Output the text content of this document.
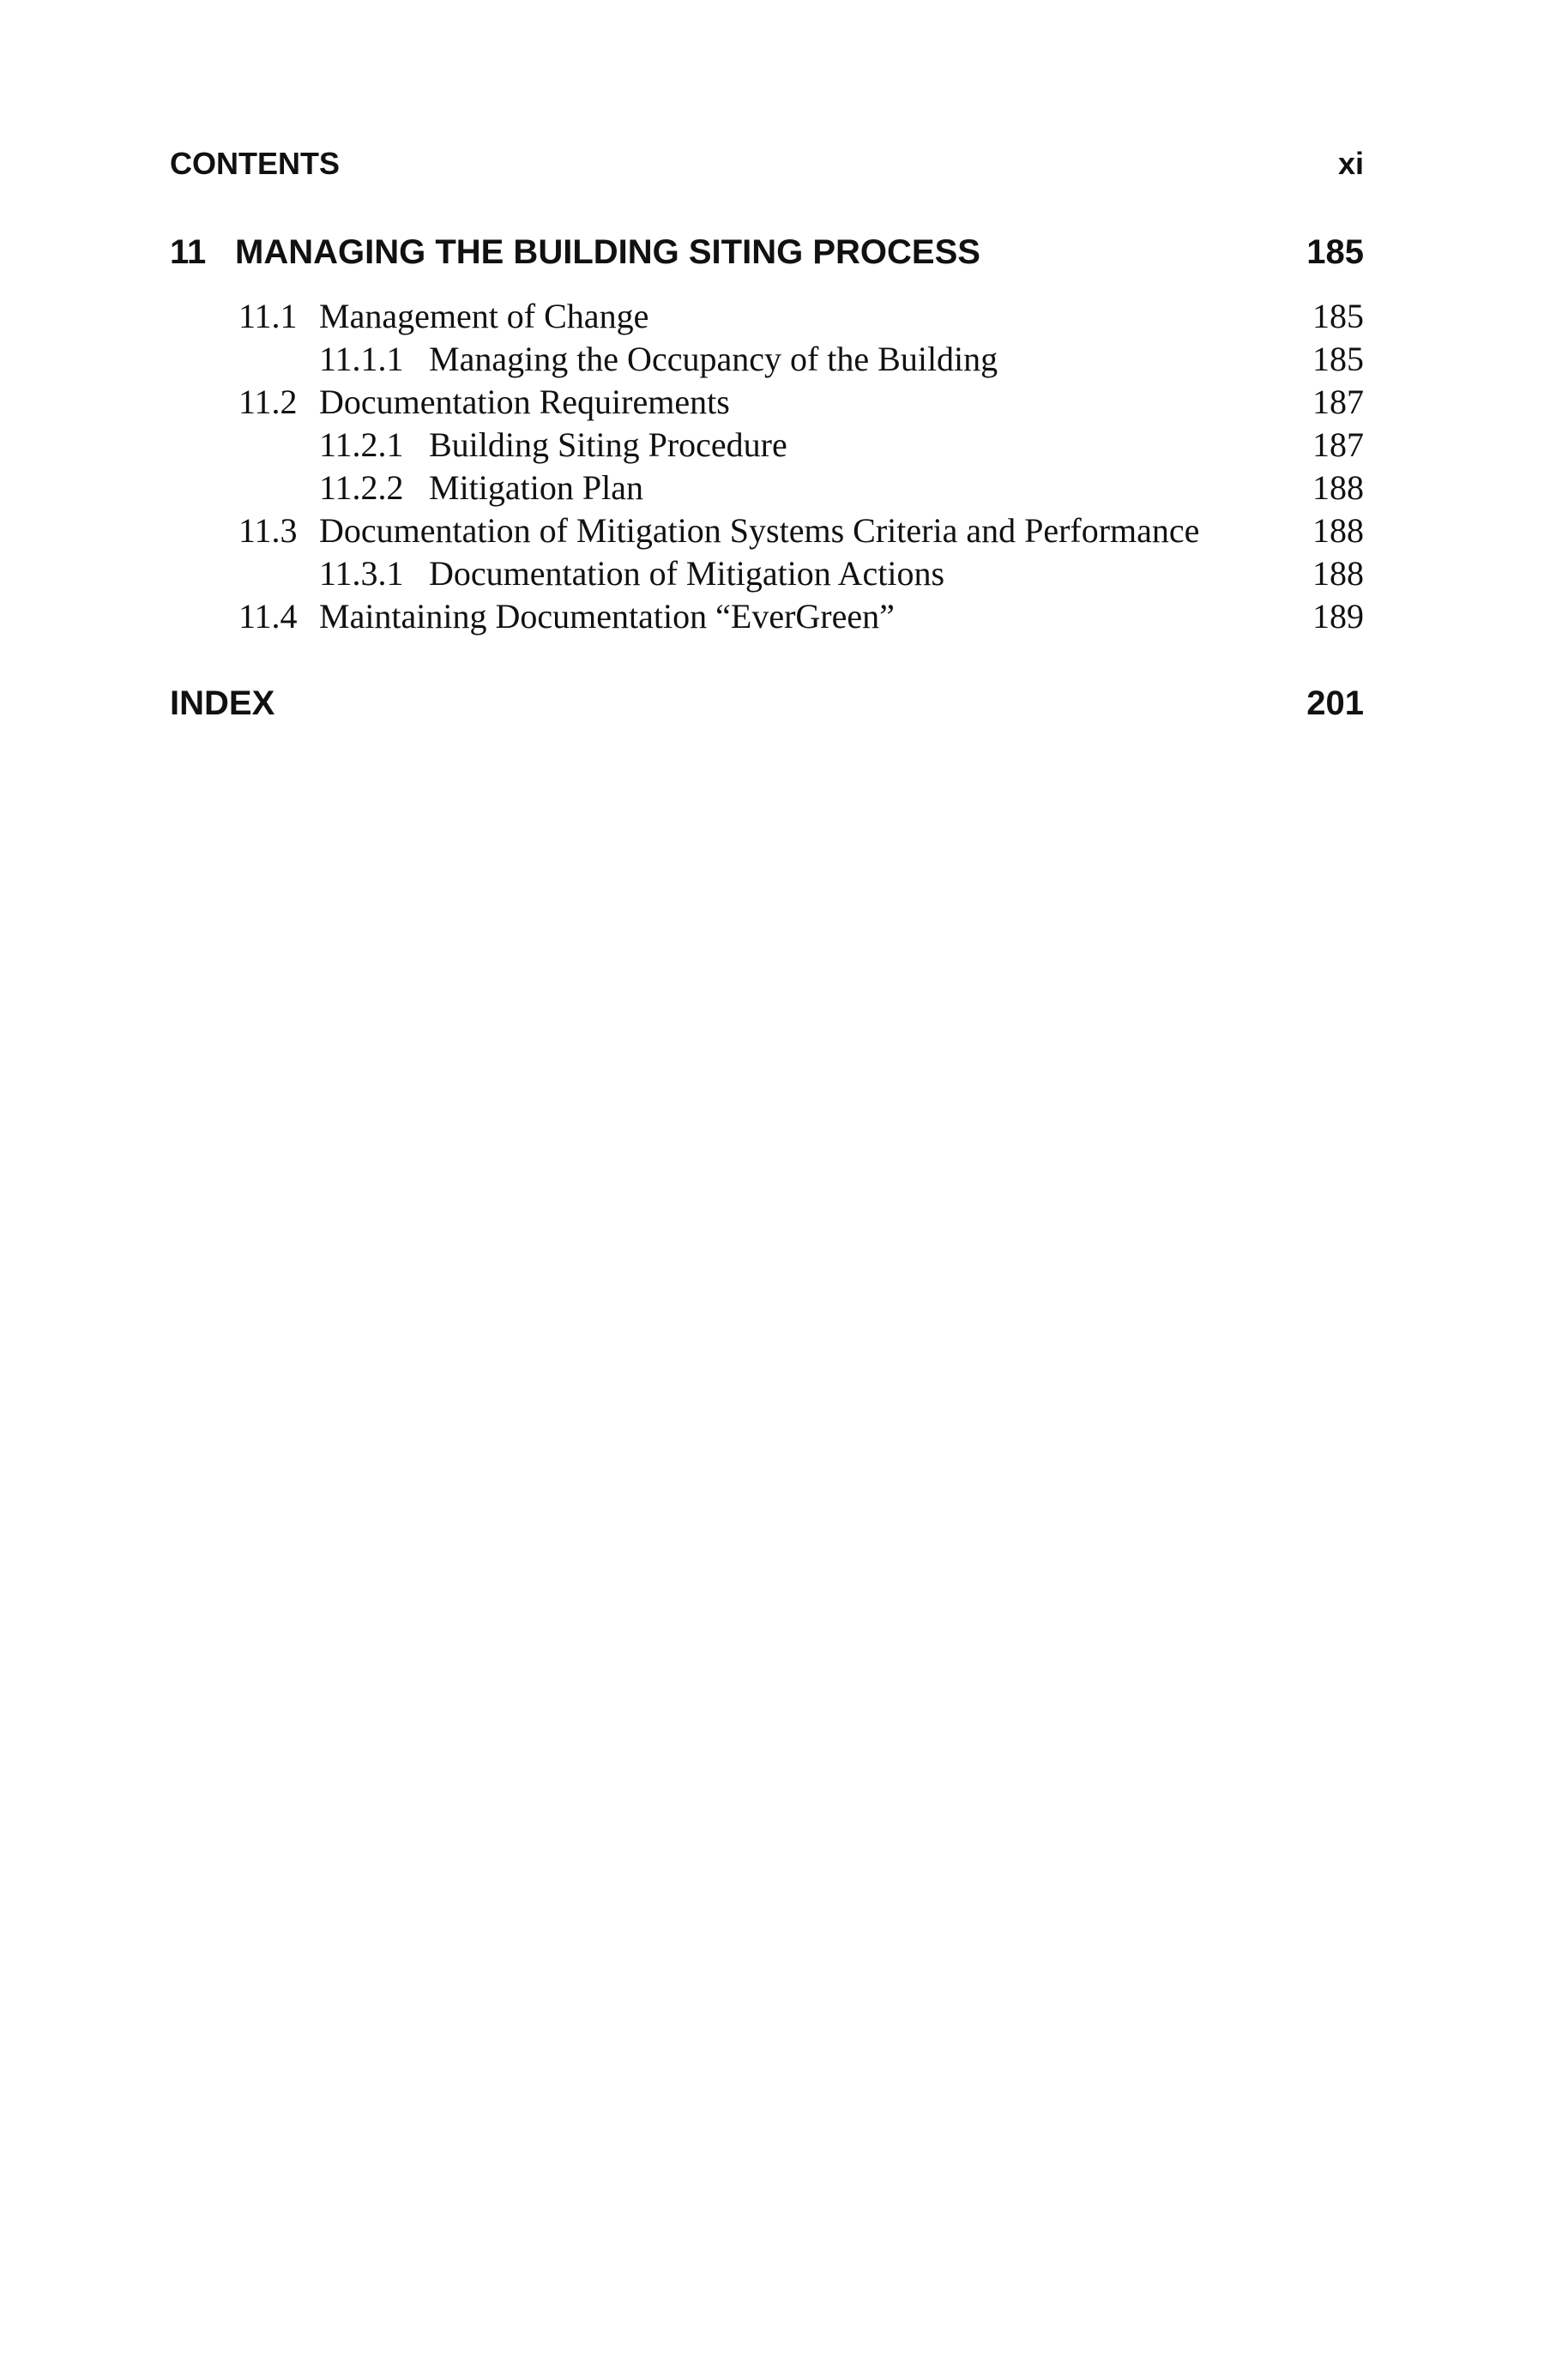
CONTENTS	xi
11 MANAGING THE BUILDING SITING PROCESS	185
11.1 Management of Change	185
11.1.1 Managing the Occupancy of the Building	185
11.2 Documentation Requirements	187
11.2.1 Building Siting Procedure	187
11.2.2 Mitigation Plan	188
11.3 Documentation of Mitigation Systems Criteria and Performance	188
11.3.1 Documentation of Mitigation Actions	188
11.4 Maintaining Documentation “EverGreen”	189
INDEX	201
